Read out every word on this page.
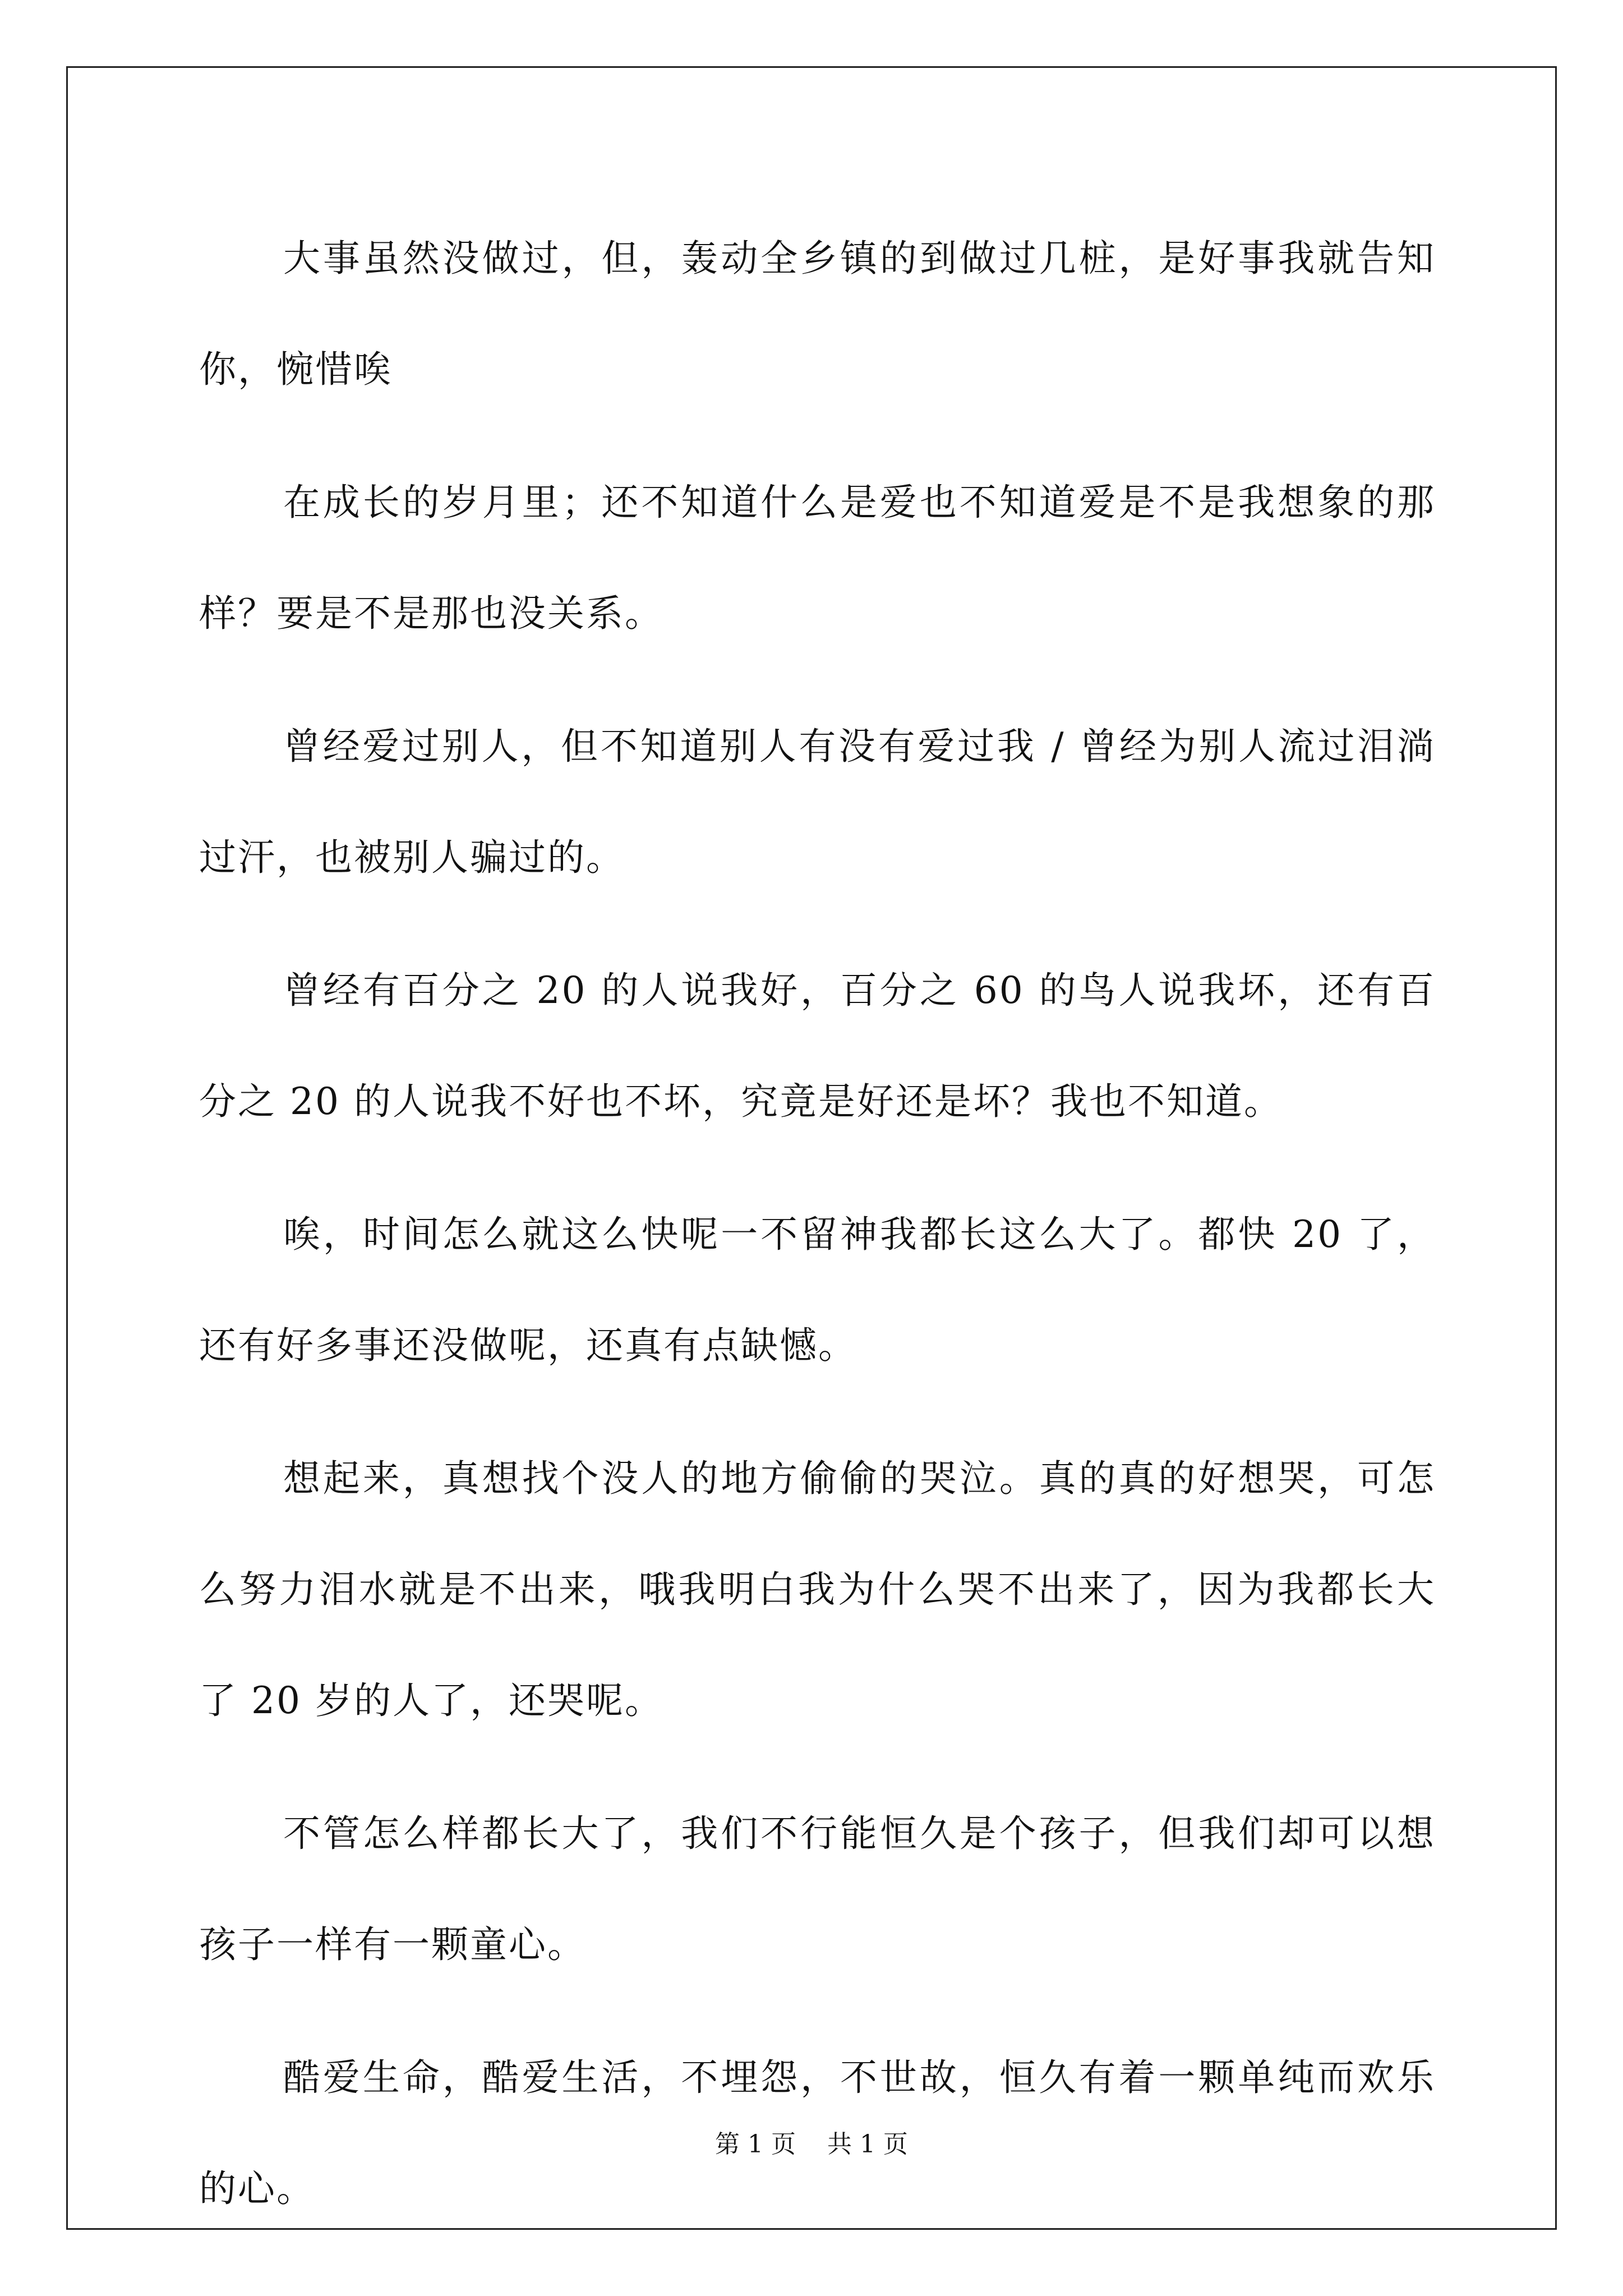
大事虽然没做过，但，轰动全乡镇的到做过几桩，是好事我就告知你，惋惜唉

在成长的岁月里；还不知道什么是爱也不知道爱是不是我想象的那样？要是不是那也没关系。

曾经爱过别人，但不知道别人有没有爱过我 / 曾经为别人流过泪淌过汗，也被别人骗过的。

曾经有百分之 20 的人说我好，百分之 60 的鸟人说我坏，还有百分之 20 的人说我不好也不坏，究竟是好还是坏？我也不知道。

唉，时间怎么就这么快呢一不留神我都长这么大了。都快 20 了，还有好多事还没做呢，还真有点缺憾。

想起来，真想找个没人的地方偷偷的哭泣。真的真的好想哭，可怎么努力泪水就是不出来，哦我明白我为什么哭不出来了，因为我都长大了 20 岁的人了，还哭呢。

不管怎么样都长大了，我们不行能恒久是个孩子，但我们却可以想孩子一样有一颗童心。

酷爱生命，酷爱生活，不埋怨，不世故，恒久有着一颗单纯而欢乐的心。

第 1 页    共 1 页
